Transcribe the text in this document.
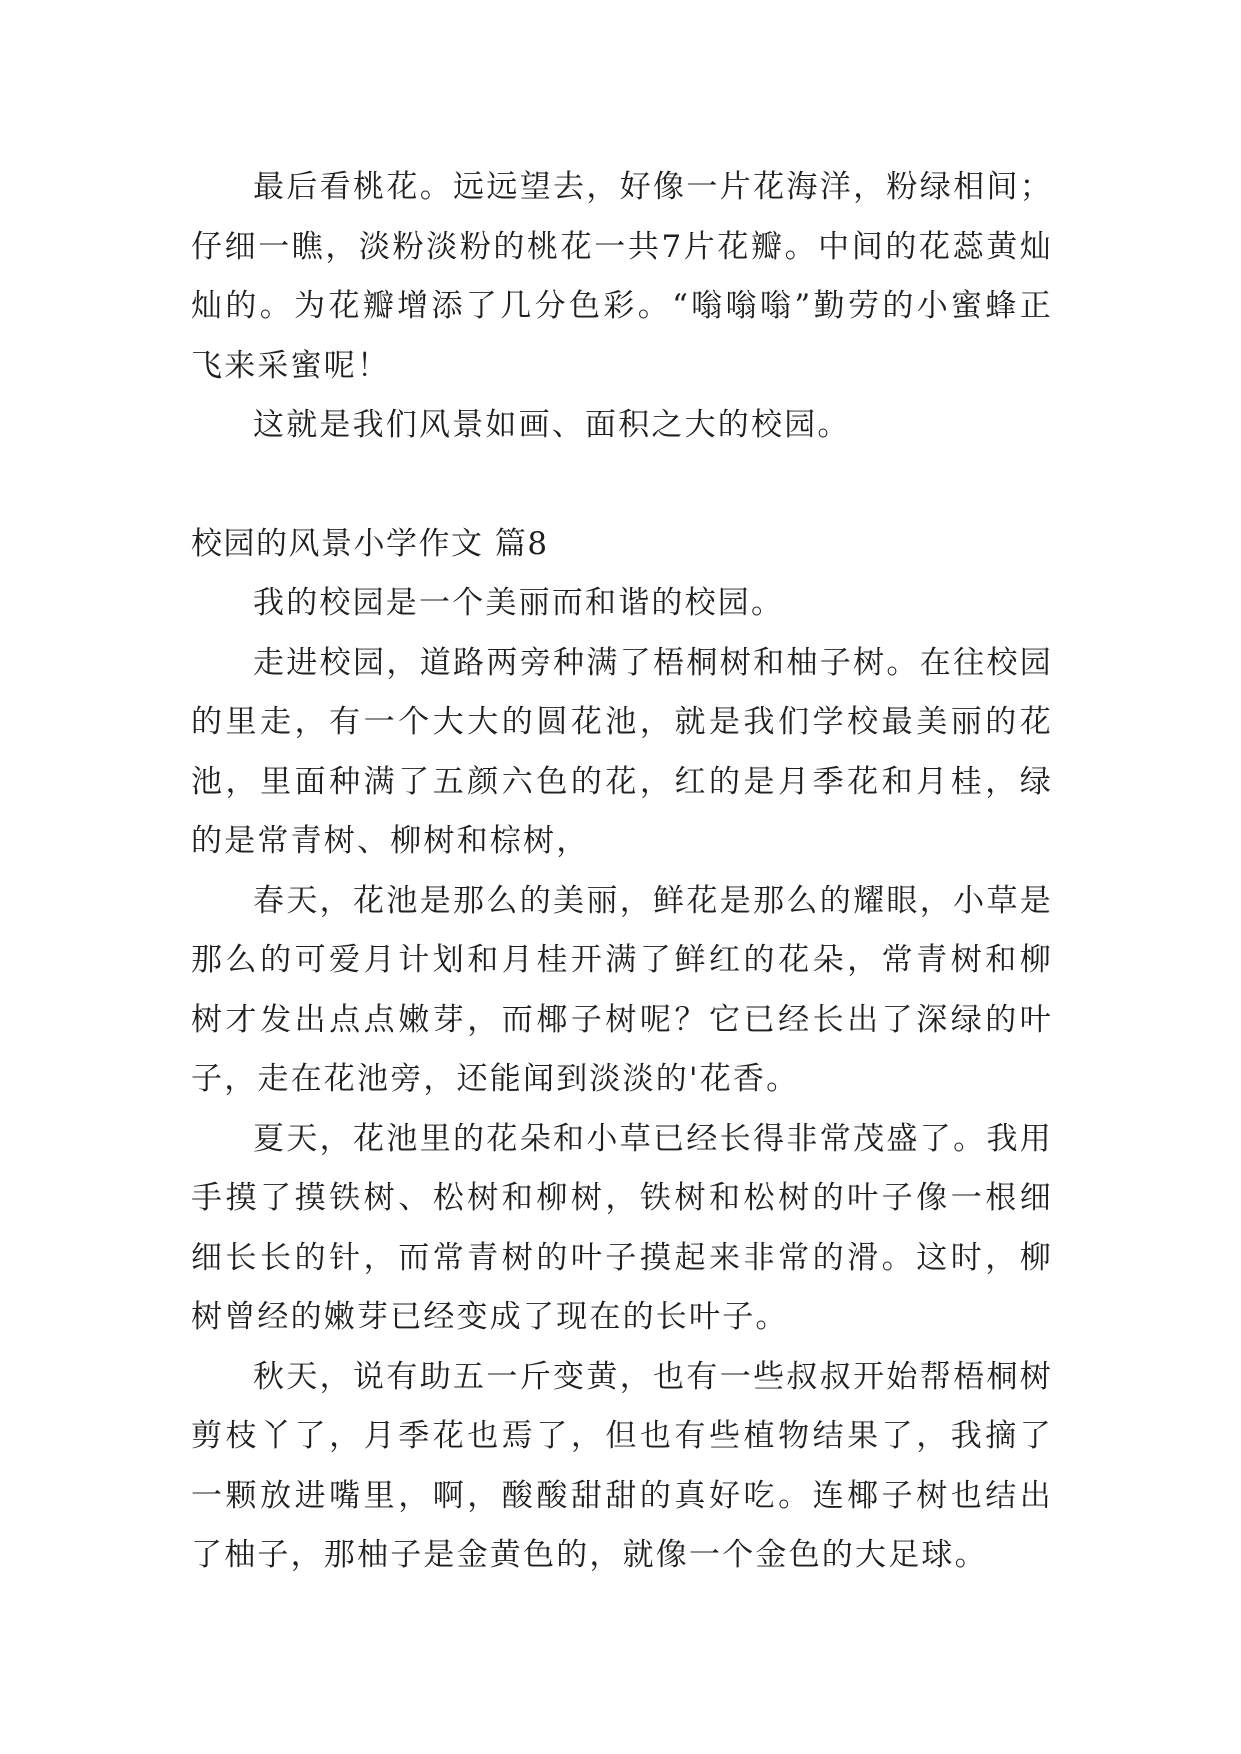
最后看桃花。远远望去，好像一片花海洋，粉绿相间；仔细一瞧，淡粉淡粉的桃花一共7片花瓣。中间的花蕊黄灿灿的。为花瓣增添了几分色彩。“嗡嗡嗡”勤劳的小蜜蜂正飞来采蜜呢！

这就是我们风景如画、面积之大的校园。

校园的风景小学作文 篇8

我的校园是一个美丽而和谐的校园。

走进校园，道路两旁种满了梧桐树和柚子树。在往校园的里走，有一个大大的圆花池，就是我们学校最美丽的花池，里面种满了五颜六色的花，红的是月季花和月桂，绿的是常青树、柳树和棕树，

春天，花池是那么的美丽，鲜花是那么的耀眼，小草是那么的可爱月计划和月桂开满了鲜红的花朵，常青树和柳树才发出点点嫩芽，而椰子树呢？它已经长出了深绿的叶子，走在花池旁，还能闻到淡淡的'花香。

夏天，花池里的花朵和小草已经长得非常茂盛了。我用手摸了摸铁树、松树和柳树，铁树和松树的叶子像一根细细长长的针，而常青树的叶子摸起来非常的滑。这时，柳树曾经的嫩芽已经变成了现在的长叶子。

秋天，说有助五一斤变黄，也有一些叔叔开始帮梧桐树剪枝丫了，月季花也焉了，但也有些植物结果了，我摘了一颗放进嘴里，啊，酸酸甜甜的真好吃。连椰子树也结出了柚子，那柚子是金黄色的，就像一个金色的大足球。
